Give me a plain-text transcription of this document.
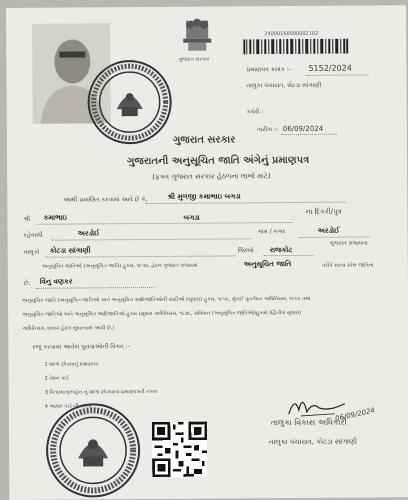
ગુજરાત સરકાર
24000160000002102
પ્રમાણપત્ર ક્રમાંક :- 5152/2024
તાલુકા પંચાયત, સેટડા સાંગાણી
કચેરી :
તારીખ :- 06/09/2024
ગુજરાત સરકાર
ગુજરાતની અનુસૂચિત જાતિ અંગેનું પ્રમાણપત્ર
(ફક્ત ગુજરાત સરકાર હેઠળના લાભો માટે)
આથી પ્રમાણિત કરવામાં આવે છે કે,	શ્રી મુળજી કમાભાઇ બગડા
ના દિકરી/પુત્ર
શ્રી કમાભાઇ	બગડા
રહેવાસી	અરડોઈ	ગામ / નગર	અરડોઈ
તાલુકો કોટડા સાંગાણી	જિલ્લો રાજકોટ
ગુજરાત રાજ્યના
અનુસૂચિત જાતિઓ (અનુસૂચિત જાતિ) હુકમ, ૧૯૫૦, હેઠળ ગુજરાત રાજ્યમાં	અનુસૂચિત જાતિ	તરીકે માન્ય ઠરેલ જાતિના
છે. વિંનુ વણકર
અનુસૂચિત જાતિ (અનુસૂચિત જાતિઓ અને અનુસૂચિત આદિજાતિઓની યાદીઓ (સુધારા) હુકમ, ૧૯૫૬, મુંબઈ પુનર્ગઠન અધિનિયમ, ૧૯૬૦ તથા
અનુસૂચિત જાતિઓ અને અનુસૂચિત આદિજાતિઓ હુકમ (સુધારા અધિનિયમ, ૧૯૭૬, સંવિધાન (અનુસૂચિત જાતિઓ)હુકમો (દ્વિતીય સુધારા)
અધિનિયમ, ૨૦૦૨ હેઠળ સુધારવામાં આવી છે.)
રજૂ કરવામાં આવેલ પુરાવાઓની વિગત :-
1 શાળા છોડયાનું પ્રમાણપત્ર
2 રેશન કાર્ડ
3 પિતા/માતા/બહેન નું શાળા છોડયાનાં પ્રમાણપત્રની નકલ
4 આધાર કાર્ડ ની નકલ
તાલુકા વિકાસ અધિકારી
06/09/2024
તાલુકા પંચાયત, કોટડા સાંગાણી
